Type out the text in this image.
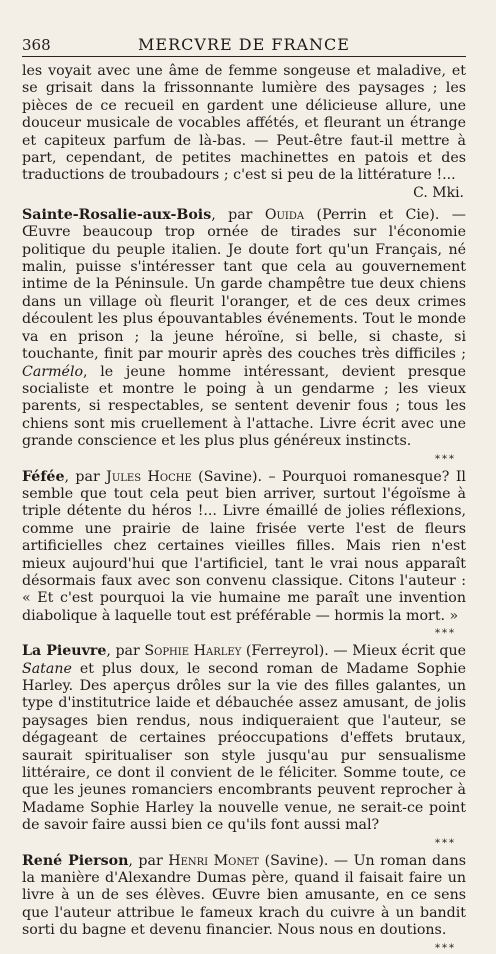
368	MERCVRE DE FRANCE

les voyait avec une âme de femme songeuse et maladive, et se grisait dans la frissonnante lumière des paysages ; les pièces de ce recueil en gardent une délicieuse allure, une douceur musicale de vocables affétés, et fleurant un étrange et capiteux parfum de là-bas. — Peut-être faut-il mettre à part, cependant, de petites machinettes en patois et des traductions de troubadours ; c'est si peu de la littérature !...

C. Mki.

Sainte-Rosalie-aux-Bois, par Ouida (Perrin et Cie). — Œuvre beaucoup trop ornée de tirades sur l'économie politique du peuple italien. Je doute fort qu'un Français, né malin, puisse s'intéresser tant que cela au gouvernement intime de la Péninsule. Un garde champêtre tue deux chiens dans un village où fleurit l'oranger, et de ces deux crimes découlent les plus épouvantables événements. Tout le monde va en prison ; la jeune héroïne, si belle, si chaste, si touchante, finit par mourir après des couches très difficiles ; Carmélo, le jeune homme intéressant, devient presque socialiste et montre le poing à un gendarme ; les vieux parents, si respectables, se sentent devenir fous ; tous les chiens sont mis cruellement à l'attache. Livre écrit avec une grande conscience et les plus plus généreux instincts.

***

Féfée, par Jules Hoche (Savine). – Pourquoi romanesque? Il semble que tout cela peut bien arriver, surtout l'égoïsme à triple détente du héros !... Livre émaillé de jolies réflexions, comme une prairie de laine frisée verte l'est de fleurs artificielles chez certaines vieilles filles. Mais rien n'est mieux aujourd'hui que l'artificiel, tant le vrai nous apparaît désormais faux avec son convenu classique. Citons l'auteur : « Et c'est pourquoi la vie humaine me paraît une invention diabolique à laquelle tout est préférable — hormis la mort. »

***

La Pieuvre, par Sophie Harley (Ferreyrol). — Mieux écrit que Satane et plus doux, le second roman de Madame Sophie Harley. Des aperçus drôles sur la vie des filles galantes, un type d'institutrice laide et débauchée assez amusant, de jolis paysages bien rendus, nous indiqueraient que l'auteur, se dégageant de certaines préoccupations d'effets brutaux, saurait spiritualiser son style jusqu'au pur sensualisme littéraire, ce dont il convient de le féliciter. Somme toute, ce que les jeunes romanciers encombrants peuvent reprocher à Madame Sophie Harley la nouvelle venue, ne serait-ce point de savoir faire aussi bien ce qu'ils font aussi mal?

***

René Pierson, par Henri Monet (Savine). — Un roman dans la manière d'Alexandre Dumas père, quand il faisait faire un livre à un de ses élèves. Œuvre bien amusante, en ce sens que l'auteur attribue le fameux krach du cuivre à un bandit sorti du bagne et devenu financier. Nous nous en doutions.

***
